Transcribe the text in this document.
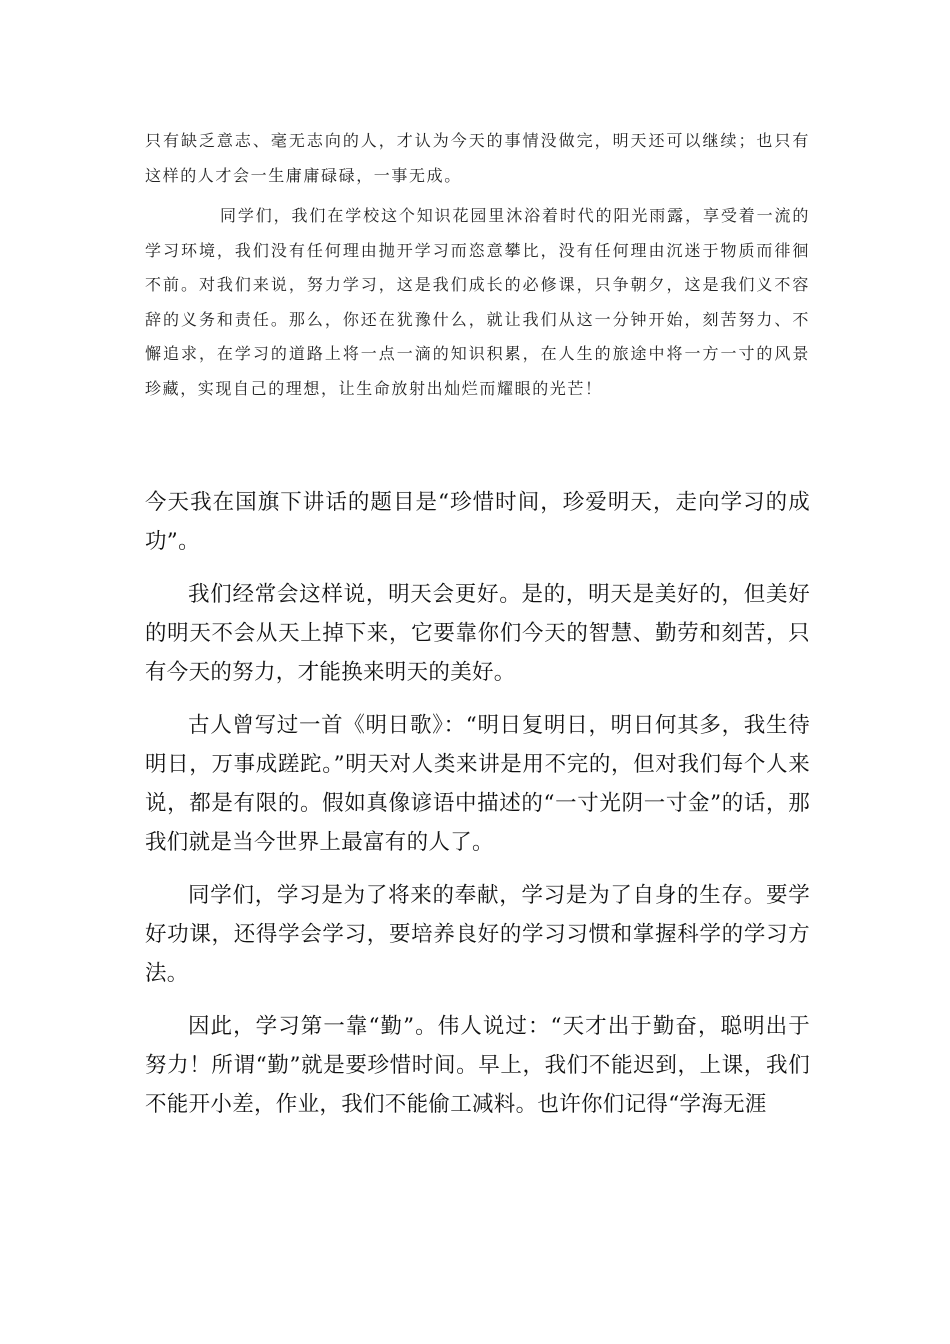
只有缺乏意志、毫无志向的人，才认为今天的事情没做完，明天还可以继续；也只有这样的人才会一生庸庸碌碌，一事无成。

同学们，我们在学校这个知识花园里沐浴着时代的阳光雨露，享受着一流的学习环境，我们没有任何理由抛开学习而恣意攀比，没有任何理由沉迷于物质而徘徊不前。对我们来说，努力学习，这是我们成长的必修课，只争朝夕，这是我们义不容辞的义务和责任。那么，你还在犹豫什么，就让我们从这一分钟开始，刻苦努力、不懈追求，在学习的道路上将一点一滴的知识积累，在人生的旅途中将一方一寸的风景珍藏，实现自己的理想，让生命放射出灿烂而耀眼的光芒！

今天我在国旗下讲话的题目是“珍惜时间，珍爱明天，走向学习的成功”。

我们经常会这样说，明天会更好。是的，明天是美好的，但美好的明天不会从天上掉下来，它要靠你们今天的智慧、勤劳和刻苦，只有今天的努力，才能换来明天的美好。

古人曾写过一首《明日歌》：“明日复明日，明日何其多，我生待明日，万事成蹉跎。”明天对人类来讲是用不完的，但对我们每个人来说，都是有限的。假如真像谚语中描述的“一寸光阴一寸金”的话，那我们就是当今世界上最富有的人了。

同学们，学习是为了将来的奉献，学习是为了自身的生存。要学好功课，还得学会学习，要培养良好的学习习惯和掌握科学的学习方法。

因此，学习第一靠“勤”。伟人说过：“天才出于勤奋，聪明出于努力！所谓“勤”就是要珍惜时间。早上，我们不能迟到，上课，我们不能开小差，作业，我们不能偷工减料。也许你们记得“学海无涯
